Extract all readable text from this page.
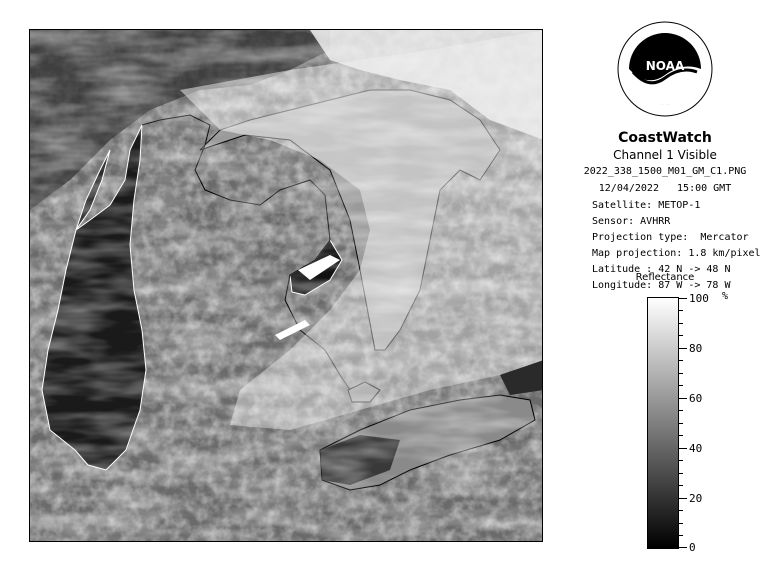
NOAA
CoastWatch
Channel 1 Visible
2022_338_1500_M01_GM_C1.PNG
12/04/2022   15:00 GMT
Satellite: METOP-1
Sensor: AVHRR
Projection type:  Mercator
Map projection: 1.8 km/pixel
Latitude : 42 N -> 48 N
Longitude: 87 W -> 78 W
Reflectance
%
100
80
60
40
20
0
